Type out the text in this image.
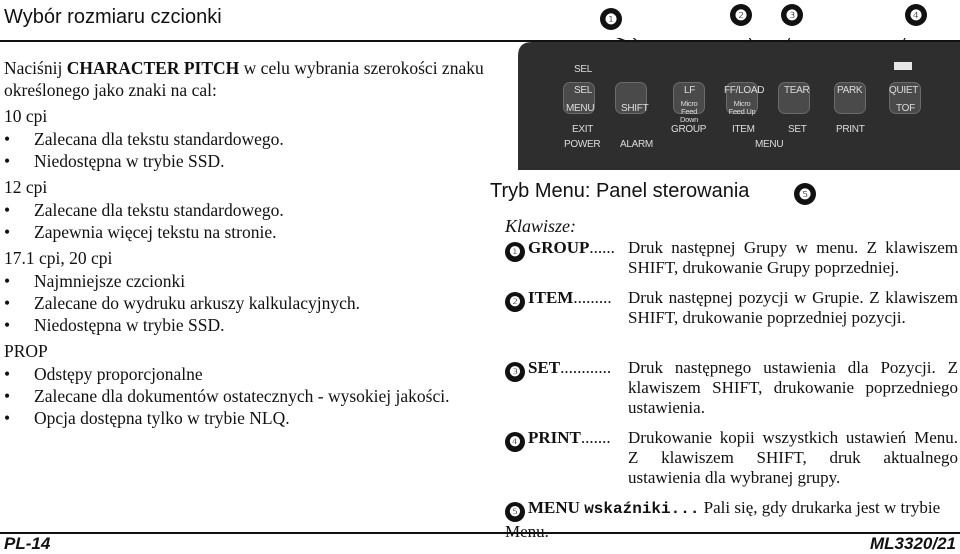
Wybór rozmiaru czcionki

Naciśnij CHARACTER PITCH w celu wybrania szerokości znaku określonego jako znaki na cal:

10 cpi
• Zalecana dla tekstu standardowego.
• Niedostępna w trybie SSD.
12 cpi
• Zalecane dla tekstu standardowego.
• Zapewnia więcej tekstu na stronie.
17.1 cpi, 20 cpi
• Najmniejsze czcionki
• Zalecane do wydruku arkuszy kalkulacyjnych.
• Niedostępna w trybie SSD.
PROP
• Odstępy proporcjonalne
• Zalecane dla dokumentów ostatecznych - wysokiej jakości.
• Opcja dostępna tylko w trybie NLQ.
❶	❷	❸	❹
SEL
SEL
MENU	SHIFT
LF
Micro Feed Down
FF/LOAD
Micro Feed Up
TEAR	PARK	QUIET
TOF
EXIT
POWER ALARM
GROUP	ITEM	SET	PRINT
MENU
❺
Tryb Menu: Panel sterowania
Klawisze:
❶ GROUP...... Druk następnej Grupy w menu. Z klawiszem SHIFT, drukowanie Grupy poprzedniej.
❷ ITEM......... Druk następnej pozycji w Grupie. Z klawiszem SHIFT, drukowanie poprzedniej pozycji.
❸ SET............ Druk następnego ustawienia dla Pozycji. Z klawiszem SHIFT, drukowanie poprzedniego ustawienia.
❹ PRINT....... Drukowanie kopii wszystkich ustawień Menu. Z klawiszem SHIFT, druk aktualnego ustawienia dla wybranej grupy.
❺ MENU wskaźniki... Pali się, gdy drukarka jest w trybie
PL-14	ML3320/21
